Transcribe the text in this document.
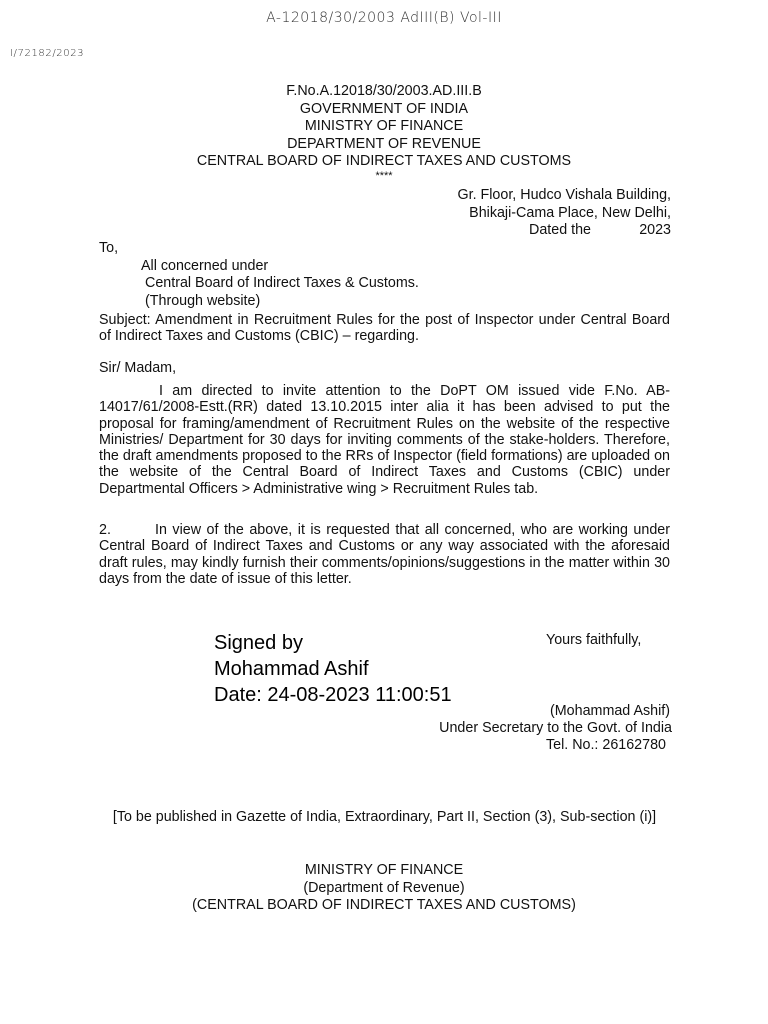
A-12018/30/2003 AdIII(B) Vol-III
I/72182/2023
F.No.A.12018/30/2003.AD.III.B
GOVERNMENT OF INDIA
MINISTRY OF FINANCE
DEPARTMENT OF REVENUE
CENTRAL BOARD OF INDIRECT TAXES AND CUSTOMS
****
Gr. Floor, Hudco Vishala Building,
Bhikaji-Cama Place, New Delhi,
Dated the	2023
To,
All concerned under
Central Board of Indirect Taxes & Customs.
(Through website)
Subject: Amendment in Recruitment Rules for the post of Inspector under Central Board of Indirect Taxes and Customs (CBIC) – regarding.
Sir/ Madam,
I am directed to invite attention to the DoPT OM issued vide F.No. AB-14017/61/2008-Estt.(RR) dated 13.10.2015 inter alia it has been advised to put the proposal for framing/amendment of Recruitment Rules on the website of the respective Ministries/ Department for 30 days for inviting comments of the stake-holders. Therefore, the draft amendments proposed to the RRs of Inspector (field formations) are uploaded on the website of the Central Board of Indirect Taxes and Customs (CBIC) under Departmental Officers > Administrative wing > Recruitment Rules tab.
2.	In view of the above, it is requested that all concerned, who are working under Central Board of Indirect Taxes and Customs or any way associated with the aforesaid draft rules, may kindly furnish their comments/opinions/suggestions in the matter within 30 days from the date of issue of this letter.
Signed by
Mohammad Ashif
Date: 24-08-2023 11:00:51
Yours faithfully,
(Mohammad Ashif)
Under Secretary to the Govt. of India
Tel. No.: 26162780
[To be published in Gazette of India, Extraordinary, Part II, Section (3), Sub-section (i)]
MINISTRY OF FINANCE
(Department of Revenue)
(CENTRAL BOARD OF INDIRECT TAXES AND CUSTOMS)
